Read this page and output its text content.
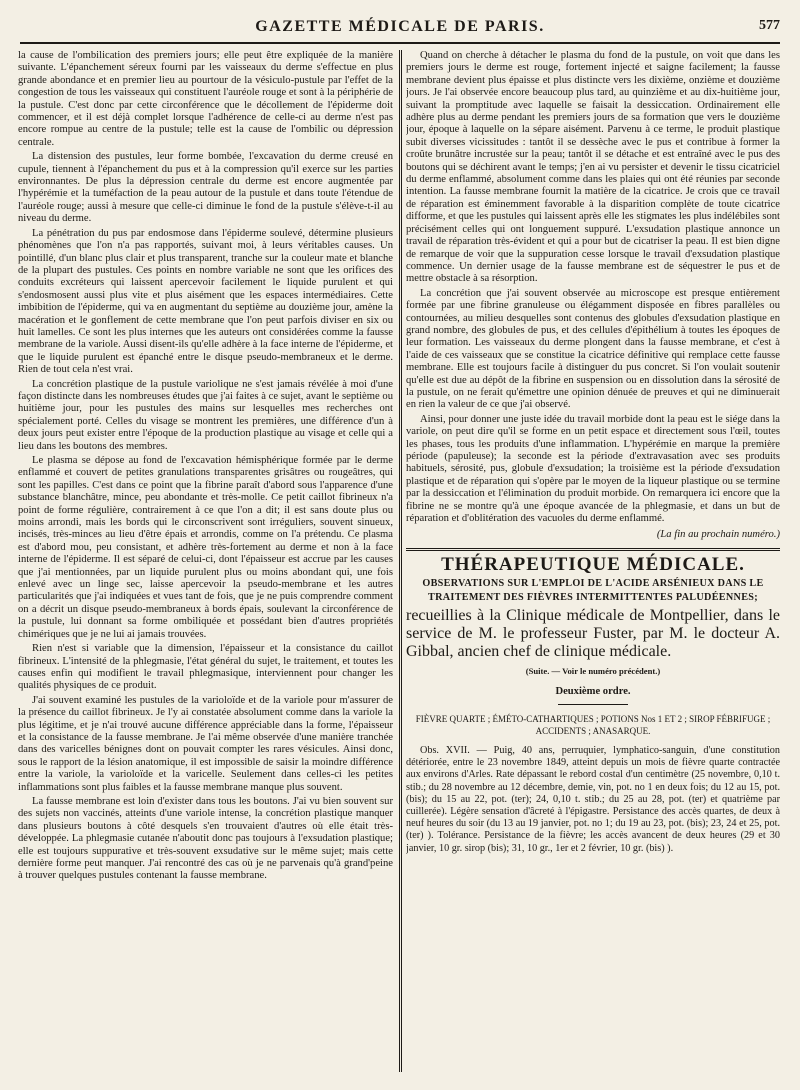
GAZETTE MÉDICALE DE PARIS.	577

la cause de l'ombilication des premiers jours; elle peut être expliquée de la manière suivante. L'épanchement séreux fourni par les vaisseaux du derme s'effectue en plus grande abondance et en premier lieu au pourtour de la vésiculo-pustule par l'effet de la congestion de tous les vaisseaux qui constituent l'auréole rouge et sont à la périphérie de la pustule. C'est donc par cette circonférence que le décollement de l'épiderme doit commencer, et il est déjà complet lorsque l'adhérence de celle-ci au derme n'est pas encore rompue au centre de la pustule; telle est la cause de l'ombilic ou dépression centrale.

La distension des pustules, leur forme bombée, l'excavation du derme creusé en cupule, tiennent à l'épanchement du pus et à la compression qu'il exerce sur les parties environnantes. De plus la dépression centrale du derme est encore augmentée par l'hypérémie et la tuméfaction de la peau autour de la pustule et dans toute l'étendue de l'auréole rouge; aussi à mesure que celle-ci diminue le fond de la pustule s'élève-t-il au niveau du derme.

La pénétration du pus par endosmose dans l'épiderme soulevé, détermine plusieurs phénomènes que l'on n'a pas rapportés, suivant moi, à leurs véritables causes. Un pointillé, d'un blanc plus clair et plus transparent, tranche sur la couleur mate et blanche de la plupart des pustules. Ces points en nombre variable ne sont que les orifices des conduits excréteurs qui laissent apercevoir facilement le liquide purulent et qui s'endosmosent aussi plus vite et plus aisément que les espaces intermédiaires. Cette imbibition de l'épiderme, qui va en augmentant du septième au douzième jour, amène la macération et le gonflement de cette membrane que l'on peut parfois diviser en six ou huit lamelles. Ce sont les plus internes que les auteurs ont considérées comme la fausse membrane de la variole. Aussi disent-ils qu'elle adhère à la face interne de l'épiderme, et que le liquide purulent est épanché entre le disque pseudo-membraneux et le derme. Rien de tout cela n'est vrai.

La concrétion plastique de la pustule variolique ne s'est jamais révélée à moi d'une façon distincte dans les nombreuses études que j'ai faites à ce sujet, avant le septième ou huitième jour, pour les pustules des mains sur lesquelles mes recherches ont spécialement porté. Celles du visage se montrent les premières, une différence d'un à deux jours peut exister entre l'époque de la production plastique au visage et celle qui a lieu dans les boutons des membres.

Le plasma se dépose au fond de l'excavation hémisphérique formée par le derme enflammé et couvert de petites granulations transparentes grisâtres ou rougeâtres, qui sont les papilles. C'est dans ce point que la fibrine paraît d'abord sous l'apparence d'une substance blanchâtre, mince, peu abondante et très-molle. Ce petit caillot fibrineux n'a point de forme régulière, contrairement à ce que l'on a dit; il est sans doute plus ou moins arrondi, mais les bords qui le circonscrivent sont irréguliers, souvent sinueux, incisés, très-minces au lieu d'être épais et arrondis, comme on l'a prétendu. Ce plasma est d'abord mou, peu consistant, et adhère très-fortement au derme et non à la face interne de l'épiderme. Il est séparé de celui-ci, dont l'épaisseur est accrue par les causes que j'ai mentionnées, par un liquide purulent plus ou moins abondant qui, une fois enlevé avec un linge sec, laisse apercevoir la pseudo-membrane et les autres particularités que j'ai indiquées et vues tant de fois, que je ne puis comprendre comment on a décrit un disque pseudo-membraneux à bords épais, soulevant la circonférence de la pustule, lui donnant sa forme ombiliquée et possédant bien d'autres propriétés chimériques que je ne lui ai jamais trouvées.

Rien n'est si variable que la dimension, l'épaisseur et la consistance du caillot fibrineux. L'intensité de la phlegmasie, l'état général du sujet, le traitement, et toutes les causes enfin qui modifient le travail phlegmasique, interviennent pour changer les qualités physiques de ce produit.

J'ai souvent examiné les pustules de la varioloïde et de la variole pour m'assurer de la présence du caillot fibrineux. Je l'y ai constatée absolument comme dans la variole la plus légitime, et je n'ai trouvé aucune différence appréciable dans la forme, l'épaisseur et la consistance de la fausse membrane. Je l'ai même observée d'une manière tranchée dans des varicelles bénignes dont on pouvait compter les rares vésicules. Ainsi donc, sous le rapport de la lésion anatomique, il est impossible de saisir la moindre différence entre la variole, la varioloïde et la varicelle. Seulement dans celles-ci les petites inflammations sont plus faibles et la fausse membrane manque plus souvent.

La fausse membrane est loin d'exister dans tous les boutons. J'ai vu bien souvent sur des sujets non vaccinés, atteints d'une variole intense, la concrétion plastique manquer dans plusieurs boutons à côté desquels s'en trouvaient d'autres où elle était très-développée. La phlegmasie cutanée n'aboutit donc pas toujours à l'exsudation plastique; elle est toujours suppurative et très-souvent exsudative sur le même sujet; mais cette dernière forme peut manquer. J'ai rencontré des cas où je ne parvenais qu'à grand'peine à trouver quelques pustules contenant la fausse membrane.

Quand on cherche à détacher le plasma du fond de la pustule, on voit que dans les premiers jours le derme est rouge, fortement injecté et saigne facilement; la fausse membrane devient plus épaisse et plus distincte vers les dixième, onzième et douzième jours. Je l'ai observée encore beaucoup plus tard, au quinzième et au dix-huitième jour, suivant la promptitude avec laquelle se faisait la dessiccation. Ordinairement elle adhère plus au derme pendant les premiers jours de sa formation que vers le douzième jour, époque à laquelle on la sépare aisément. Parvenu à ce terme, le produit plastique subit diverses vicissitudes : tantôt il se dessèche avec le pus et contribue à former la croûte brunâtre incrustée sur la peau; tantôt il se détache et est entraîné avec le pus des boutons qui se déchirent avant le temps; j'en ai vu persister et devenir le tissu cicatriciel du derme enflammé, absolument comme dans les plaies qui ont été réunies par seconde intention. La fausse membrane fournit la matière de la cicatrice. Je crois que ce travail de réparation est éminemment favorable à la disparition complète de toute cicatrice difforme, et que les pustules qui laissent après elle les stigmates les plus indélébiles sont précisément celles qui ont longuement suppuré. L'exsudation plastique annonce un travail de réparation très-évident et qui a pour but de cicatriser la peau. Il est bien digne de remarque de voir que la suppuration cesse lorsque le travail d'exsudation plastique commence. Un dernier usage de la fausse membrane est de séquestrer le pus et de mettre obstacle à sa résorption.

La concrétion que j'ai souvent observée au microscope est presque entièrement formée par une fibrine granuleuse ou élégamment disposée en fibres parallèles ou contournées, au milieu desquelles sont contenus des globules d'exsudation plastique en grand nombre, des globules de pus, et des cellules d'épithélium à toutes les époques de leur formation. Les vaisseaux du derme plongent dans la fausse membrane, et c'est à l'aide de ces vaisseaux que se constitue la cicatrice définitive qui remplace cette fausse membrane. Elle est toujours facile à distinguer du pus concret. Si l'on voulait soutenir qu'elle est due au dépôt de la fibrine en suspension ou en dissolution dans la sérosité de la pustule, on ne ferait qu'émettre une opinion dénuée de preuves et qui ne diminuerait en rien la valeur de ce que j'ai observé.

Ainsi, pour donner une juste idée du travail morbide dont la peau est le siége dans la variole, on peut dire qu'il se forme en un petit espace et directement sous l'œil, toutes les phases, tous les produits d'une inflammation. L'hypérémie en marque la première période (papuleuse); la seconde est la période d'extravasation avec ses produits habituels, sérosité, pus, globule d'exsudation; la troisième est la période d'exsudation plastique et de réparation qui s'opère par le moyen de la liqueur plastique ou se termine par la dessiccation et l'élimination du produit morbide. On remarquera ici encore que la fibrine ne se montre qu'à une époque avancée de la phlegmasie, et dans un but de réparation et d'oblitération des vacuoles du derme enflammé.

(La fin au prochain numéro.)
THÉRAPEUTIQUE MÉDICALE.
OBSERVATIONS SUR L'EMPLOI DE L'ACIDE ARSÉNIEUX DANS LE
TRAITEMENT DES FIÈVRES INTERMITTENTES PALUDÉENNES;
recueillies à la Clinique médicale de Montpellier, dans le service de M. le professeur Fuster, par M. le docteur A. Gibbal, ancien chef de clinique médicale.
(Suite. — Voir le numéro précédent.)
Deuxième ordre.
FIÈVRE QUARTE ; ÉMÉTO-CATHARTIQUES ; POTIONS Nos 1 ET 2 ; SIROP FÉBRIFUGE ; ACCIDENTS ; ANASARQUE.

Obs. XVII. — Puig, 40 ans, perruquier, lymphatico-sanguin, d'une constitution détériorée, entre le 23 novembre 1849, atteint depuis un mois de fièvre quarte contractée aux environs d'Arles. Rate dépassant le rebord costal d'un centimètre (25 novembre, 0,10 t. stib.; du 28 novembre au 12 décembre, demie, vin, pot. no 1 en deux fois; du 12 au 15, pot. (bis); du 15 au 22, pot. (ter); 24, 0,10 t. stib.; du 25 au 28, pot. (ter) et quatrième par cuillerée). Légère sensation d'âcreté à l'épigastre. Persistance des accès quartes, de deux à neuf heures du soir (du 13 au 19 janvier, pot. no 1; du 19 au 23, pot. (bis); 23, 24 et 25, pot. (ter) ). Tolérance. Persistance de la fièvre; les accès avancent de deux heures (29 et 30 janvier, 10 gr. sirop (bis); 31, 10 gr., 1er et 2 février, 10 gr. (bis) ).
